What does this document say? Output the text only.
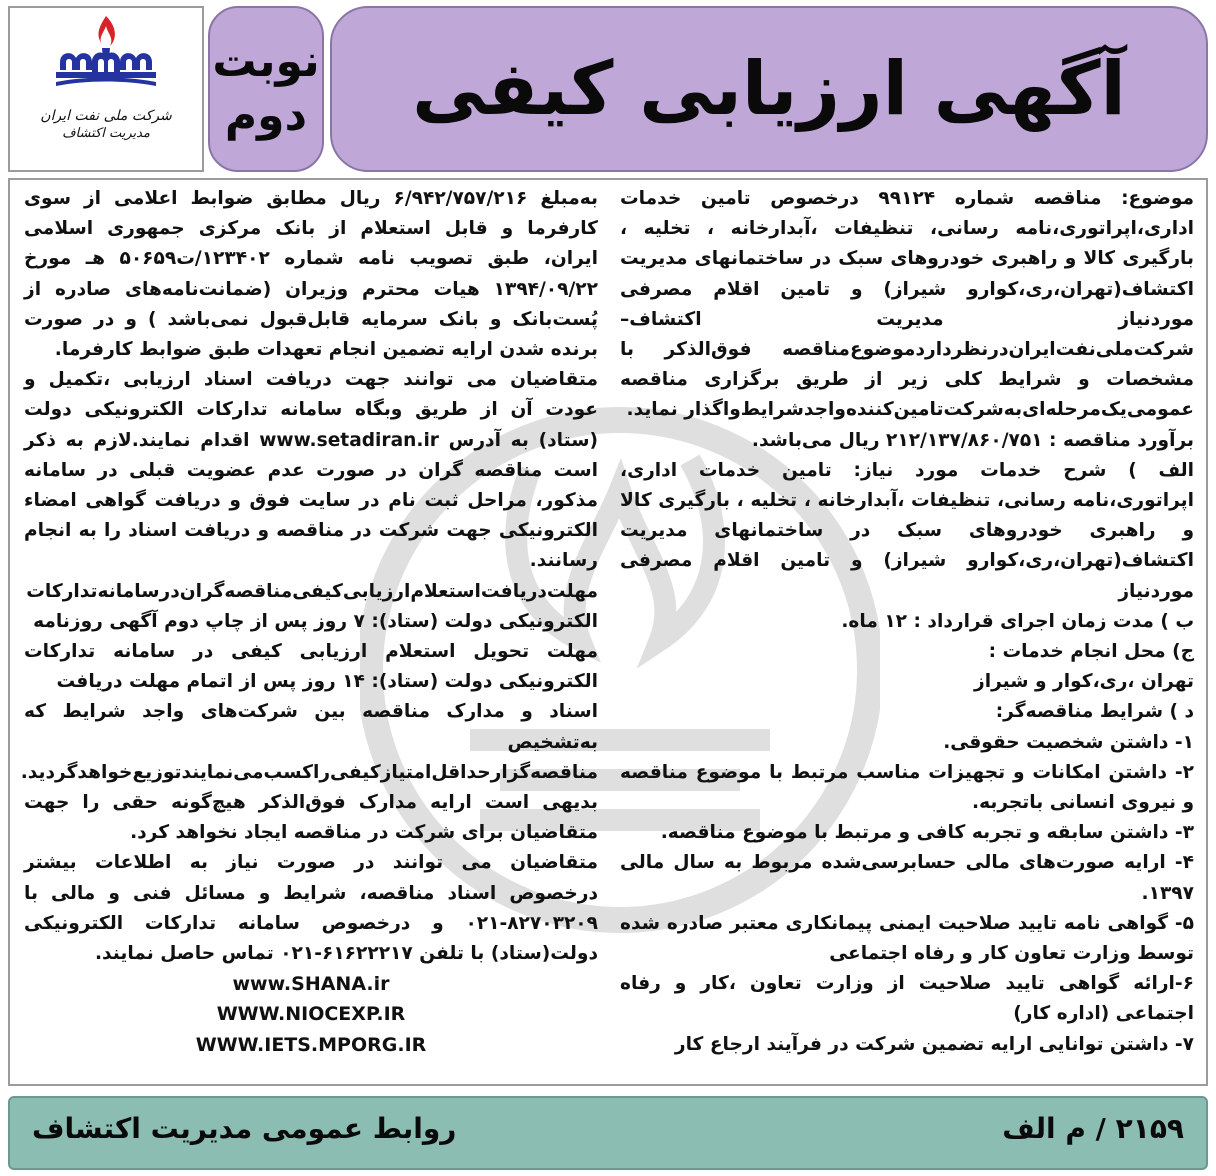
آگهی ارزیابی کیفی
نوبت
دوم
شرکت ملی نفت ایران
مدیریت اکتشاف

موضوع: مناقصه شماره ۹۹۱۲۴ درخصوص تامین خدمات اداری،اپراتوری،نامه رسانی، تنظیفات ،آبدارخانه ، تخلیه ، بارگیری کالا و راهبری خودروهای سبک در ساختمانهای مدیریت اکتشاف(تهران،ری،کوارو شیراز) و تامین اقلام مصرفی موردنیاز مدیریت اکتشاف–شرکت‌ملی‌نفت‌ایران‌درنظر‌دارد‌موضوع‌مناقصه فوق‌الذکر با مشخصات و شرایط کلی زیر از طریق برگزاری مناقصه عمومی‌یک‌مرحله‌ای‌به‌شرکت‌تامین‌کننده‌واجدشرایط‌واگذار نماید.

برآورد مناقصه : ۲۱۲/۱۳۷/۸۶۰/۷۵۱ ریال می‌باشد.

الف ) شرح خدمات مورد نیاز: تامین خدمات اداری، اپراتوری،نامه رسانی، تنظیفات ،آبدارخانه ، تخلیه ، بارگیری کالا و راهبری خودروهای سبک در ساختمانهای مدیریت اکتشاف(تهران،ری،کوارو شیراز) و تامین اقلام مصرفی موردنیاز

ب ) مدت زمان اجرای قرارداد : ۱۲ ماه.

ج) محل انجام خدمات :

تهران ،ری،کوار و شیراز

د ) شرایط مناقصه‌گر:

۱- داشتن شخصیت حقوقی.

۲- داشتن امکانات و تجهیزات مناسب مرتبط با موضوع مناقصه و نیروی انسانی باتجربه.

۳- داشتن سابقه و تجربه کافی و مرتبط با موضوع مناقصه.

۴- ارایه صورت‌های مالی حسابرسی‌شده مربوط به سال مالی ۱۳۹۷.

۵- گواهی نامه تایید صلاحیت ایمنی پیمانکاری معتبر صادره شده توسط وزارت تعاون کار و رفاه اجتماعی

۶-ارائه گواهی تایید صلاحیت از وزارت تعاون ،کار و رفاه اجتماعی (اداره کار)

۷- داشتن توانایی ارایه تضمین شرکت در فرآیند ارجاع کار

به‌مبلغ ۶/۹۴۲/۷۵۷/۲۱۶ ریال مطابق ضوابط اعلامی از سوی کارفرما و قابل استعلام از بانک مرکزی جمهوری اسلامی ایران، طبق تصویب نامه شماره ۱۲۳۴۰۲/ت۵۰۶۵۹ هـ مورخ ۱۳۹۴/۰۹/۲۲ هیات محترم وزیران (ضمانت‌نامه‌های صادره از پُست‌بانک و بانک سرمایه قابل‌قبول نمی‌باشد ) و در صورت برنده شدن ارایه تضمین انجام تعهدات طبق ضوابط کارفرما.

متقاضیان می توانند جهت دریافت اسناد ارزیابی ،تکمیل و عودت آن از طریق وبگاه سامانه تدارکات الکترونیکی دولت (ستاد) به آدرس www.setadiran.ir اقدام نمایند.لازم به ذکر است مناقصه گران در صورت عدم عضویت قبلی در سامانه مذکور، مراحل ثبت نام در سایت فوق و دریافت گواهی امضاء الکترونیکی جهت شرکت در مناقصه و دریافت اسناد را به انجام رسانند.

مهلت‌دریافت‌استعلام‌ارزیابی‌کیفی‌مناقصه‌گران‌درسامانه‌تدارکات الکترونیکی دولت (ستاد): ۷ روز پس از چاپ دوم آگهی روزنامه

مهلت تحویل استعلام ارزیابی کیفی در سامانه تدارکات الکترونیکی دولت (ستاد): ۱۴ روز پس از اتمام مهلت دریافت

اسناد و مدارک مناقصه بین شرکت‌های واجد شرایط که به‌تشخیص مناقصه‌گزار‌حداقل‌امتیاز‌کیفی‌را‌کسب‌می‌نمایند‌توزیع‌خواهد‌گردید. بدیهی است ارایه مدارک فوق‌الذکر هیچ‌گونه حقی را جهت متقاضیان برای شرکت در مناقصه ایجاد نخواهد کرد.

متقاضیان می توانند در صورت نیاز به اطلاعات بیشتر درخصوص اسناد مناقصه، شرایط و مسائل فنی و مالی با ۸۲۷۰۳۲۰۹-۰۲۱ و درخصوص سامانه تدارکات الکترونیکی دولت(ستاد) با تلفن ۶۱۶۲۲۲۱۷-۰۲۱ تماس حاصل نمایند.

www.SHANA.ir

WWW.NIOCEXP.IR

WWW.IETS.MPORG.IR

۲۱۵۹ / م الف
روابط عمومی مدیریت اکتشاف
